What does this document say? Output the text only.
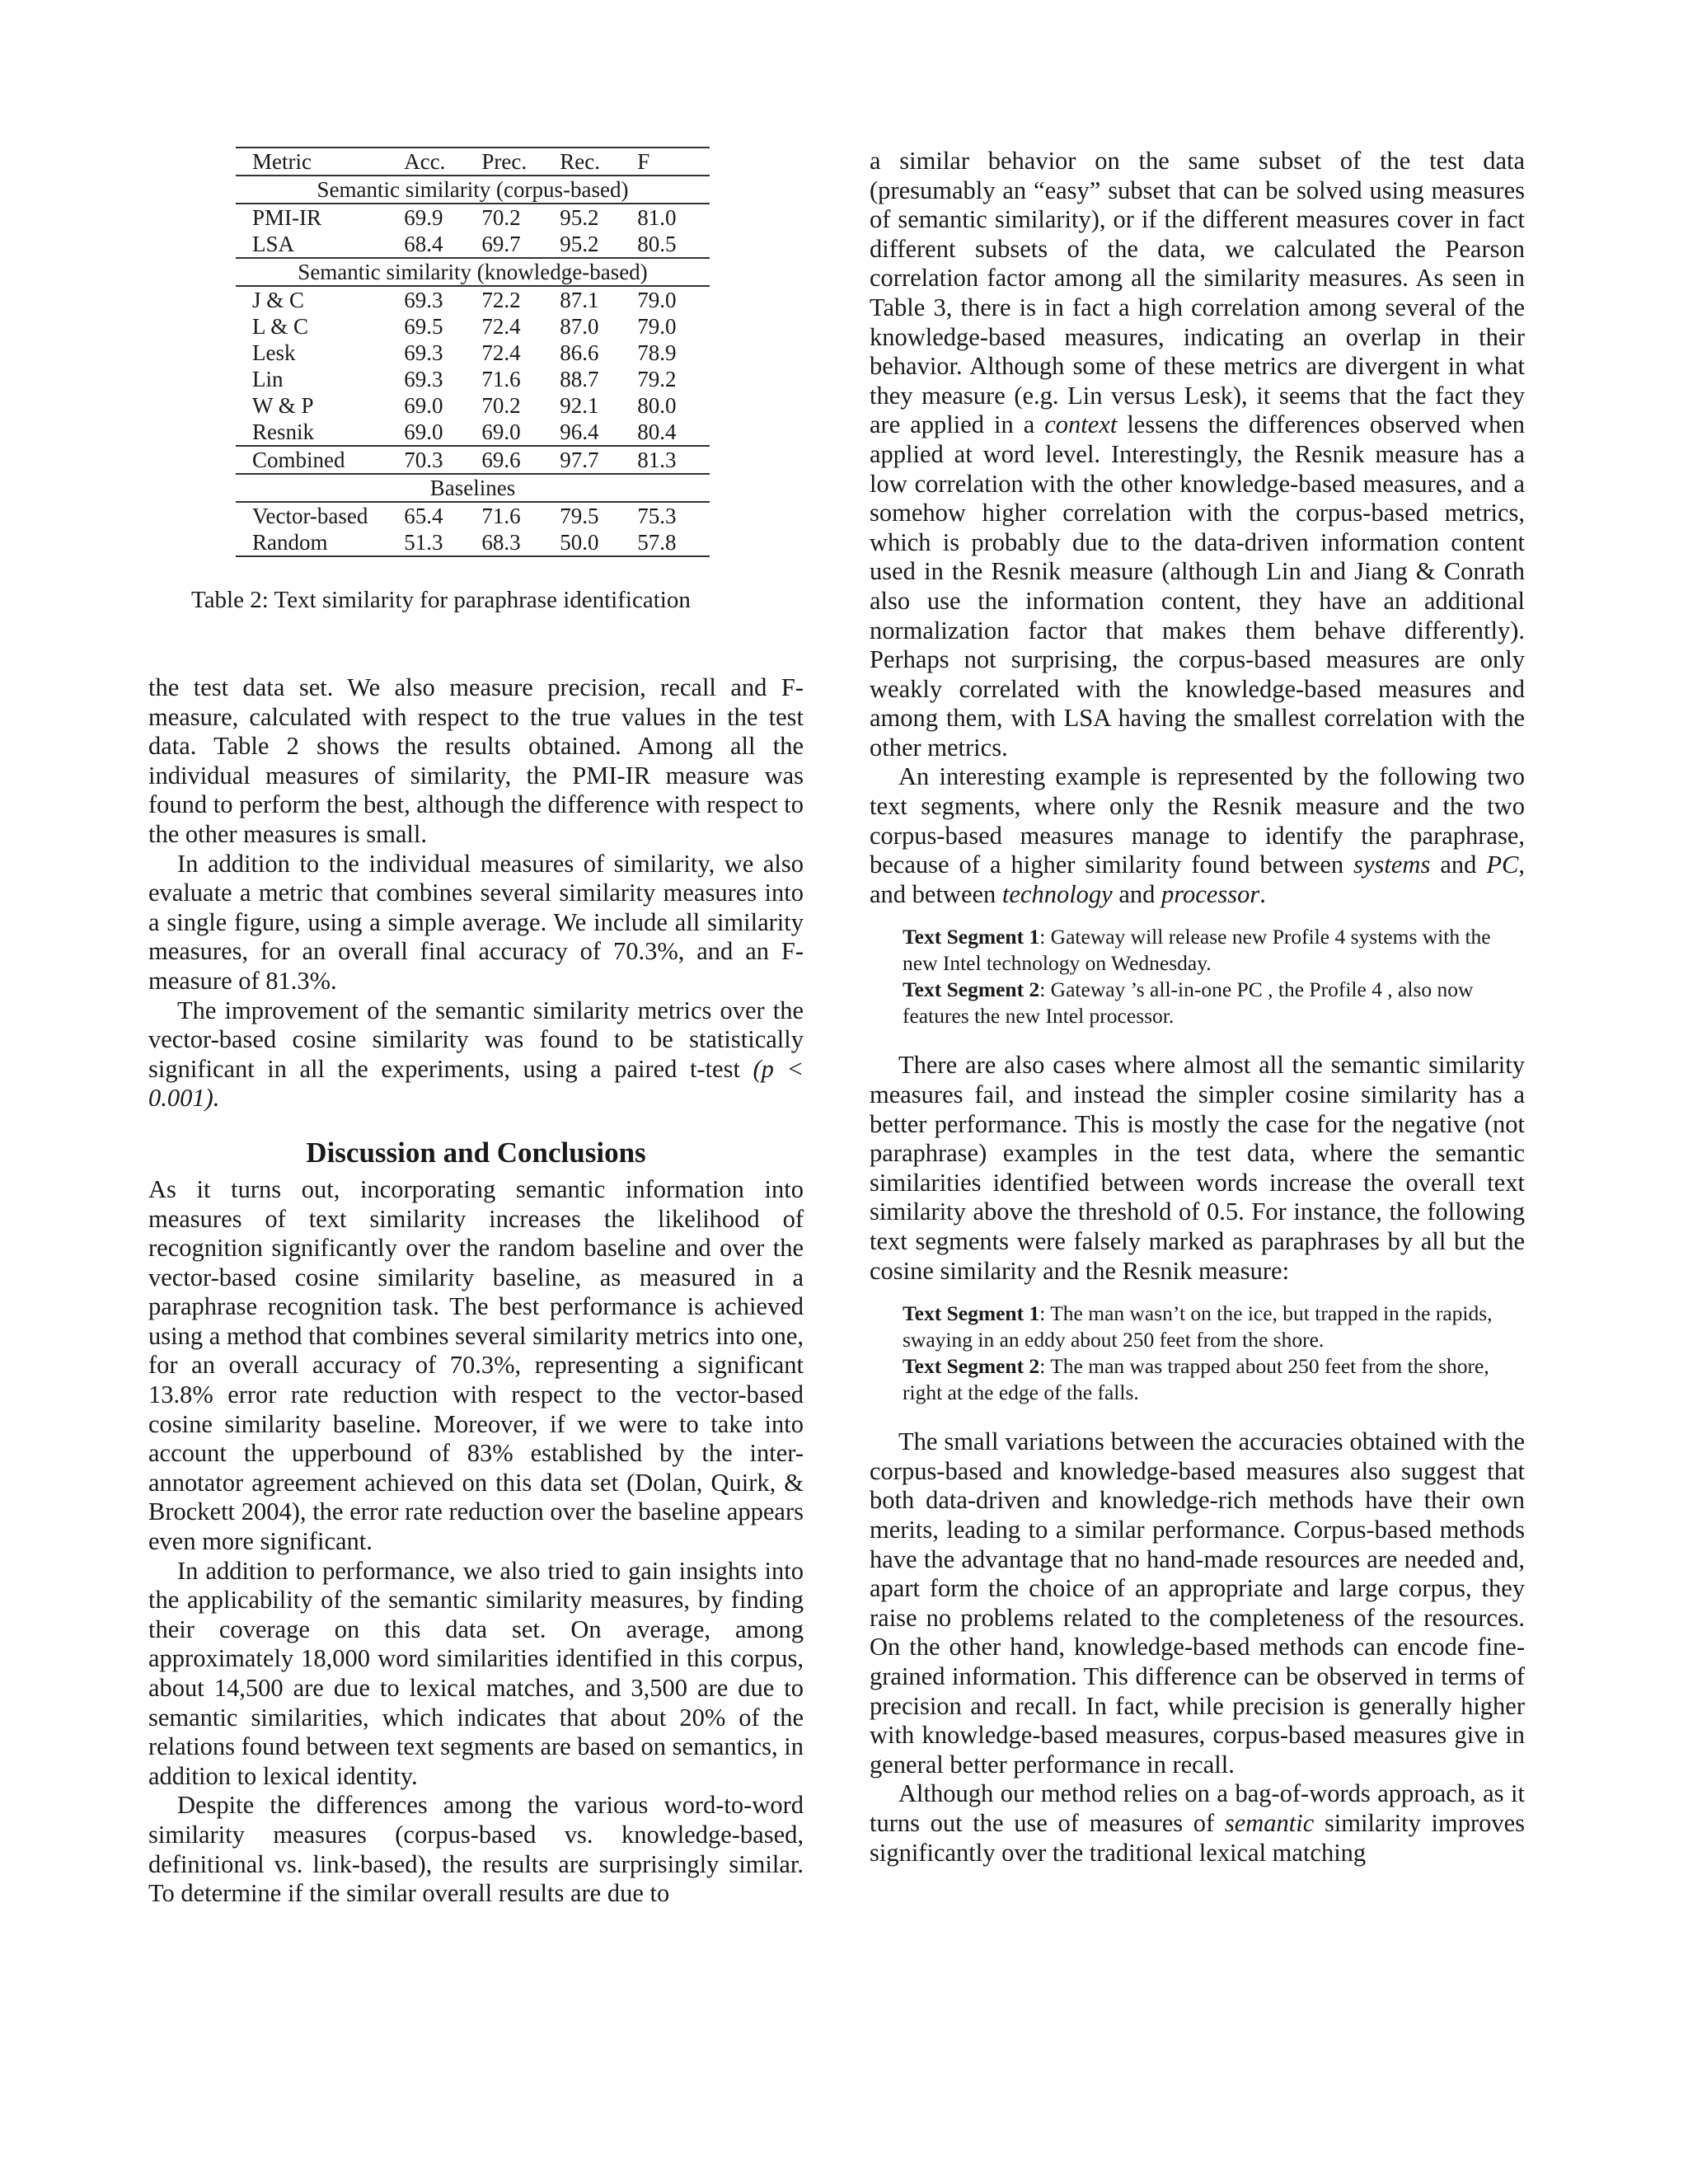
Metric	Acc.	Prec.	Rec.	F
Semantic similarity (corpus-based)				
PMI-IR	69.9	70.2	95.2	81.0
LSA	68.4	69.7	95.2	80.5
Semantic similarity (knowledge-based)				
J & C	69.3	72.2	87.1	79.0
L & C	69.5	72.4	87.0	79.0
Lesk	69.3	72.4	86.6	78.9
Lin	69.3	71.6	88.7	79.2
W & P	69.0	70.2	92.1	80.0
Resnik	69.0	69.0	96.4	80.4
Combined	70.3	69.6	97.7	81.3
Baselines				
Vector-based	65.4	71.6	79.5	75.3
Random	51.3	68.3	50.0	57.8
Table 2: Text similarity for paraphrase identification

the test data set. We also measure precision, recall and F-measure, calculated with respect to the true values in the test data. Table 2 shows the results obtained. Among all the individual measures of similarity, the PMI-IR measure was found to perform the best, although the difference with respect to the other measures is small.

In addition to the individual measures of similarity, we also evaluate a metric that combines several similarity measures into a single figure, using a simple average. We include all similarity measures, for an overall final accuracy of 70.3%, and an F-measure of 81.3%.

The improvement of the semantic similarity metrics over the vector-based cosine similarity was found to be statistically significant in all the experiments, using a paired t-test (p < 0.001).

Discussion and Conclusions

As it turns out, incorporating semantic information into measures of text similarity increases the likelihood of recognition significantly over the random baseline and over the vector-based cosine similarity baseline, as measured in a paraphrase recognition task. The best performance is achieved using a method that combines several similarity metrics into one, for an overall accuracy of 70.3%, representing a significant 13.8% error rate reduction with respect to the vector-based cosine similarity baseline. Moreover, if we were to take into account the upperbound of 83% established by the inter-annotator agreement achieved on this data set (Dolan, Quirk, & Brockett 2004), the error rate reduction over the baseline appears even more significant.

In addition to performance, we also tried to gain insights into the applicability of the semantic similarity measures, by finding their coverage on this data set. On average, among approximately 18,000 word similarities identified in this corpus, about 14,500 are due to lexical matches, and 3,500 are due to semantic similarities, which indicates that about 20% of the relations found between text segments are based on semantics, in addition to lexical identity.

Despite the differences among the various word-to-word similarity measures (corpus-based vs. knowledge-based, definitional vs. link-based), the results are surprisingly similar. To determine if the similar overall results are due to

a similar behavior on the same subset of the test data (presumably an “easy” subset that can be solved using measures of semantic similarity), or if the different measures cover in fact different subsets of the data, we calculated the Pearson correlation factor among all the similarity measures. As seen in Table 3, there is in fact a high correlation among several of the knowledge-based measures, indicating an overlap in their behavior. Although some of these metrics are divergent in what they measure (e.g. Lin versus Lesk), it seems that the fact they are applied in a context lessens the differences observed when applied at word level. Interestingly, the Resnik measure has a low correlation with the other knowledge-based measures, and a somehow higher correlation with the corpus-based metrics, which is probably due to the data-driven information content used in the Resnik measure (although Lin and Jiang & Conrath also use the information content, they have an additional normalization factor that makes them behave differently). Perhaps not surprising, the corpus-based measures are only weakly correlated with the knowledge-based measures and among them, with LSA having the smallest correlation with the other metrics.

An interesting example is represented by the following two text segments, where only the Resnik measure and the two corpus-based measures manage to identify the paraphrase, because of a higher similarity found between systems and PC, and between technology and processor.

Text Segment 1: Gateway will release new Profile 4 systems with the new Intel technology on Wednesday.

Text Segment 2: Gateway ’s all-in-one PC , the Profile 4 , also now features the new Intel processor.

There are also cases where almost all the semantic similarity measures fail, and instead the simpler cosine similarity has a better performance. This is mostly the case for the negative (not paraphrase) examples in the test data, where the semantic similarities identified between words increase the overall text similarity above the threshold of 0.5. For instance, the following text segments were falsely marked as paraphrases by all but the cosine similarity and the Resnik measure:

Text Segment 1: The man wasn’t on the ice, but trapped in the rapids, swaying in an eddy about 250 feet from the shore.

Text Segment 2: The man was trapped about 250 feet from the shore, right at the edge of the falls.

The small variations between the accuracies obtained with the corpus-based and knowledge-based measures also suggest that both data-driven and knowledge-rich methods have their own merits, leading to a similar performance. Corpus-based methods have the advantage that no hand-made resources are needed and, apart form the choice of an appropriate and large corpus, they raise no problems related to the completeness of the resources. On the other hand, knowledge-based methods can encode fine-grained information. This difference can be observed in terms of precision and recall. In fact, while precision is generally higher with knowledge-based measures, corpus-based measures give in general better performance in recall.

Although our method relies on a bag-of-words approach, as it turns out the use of measures of semantic similarity improves significantly over the traditional lexical matching
